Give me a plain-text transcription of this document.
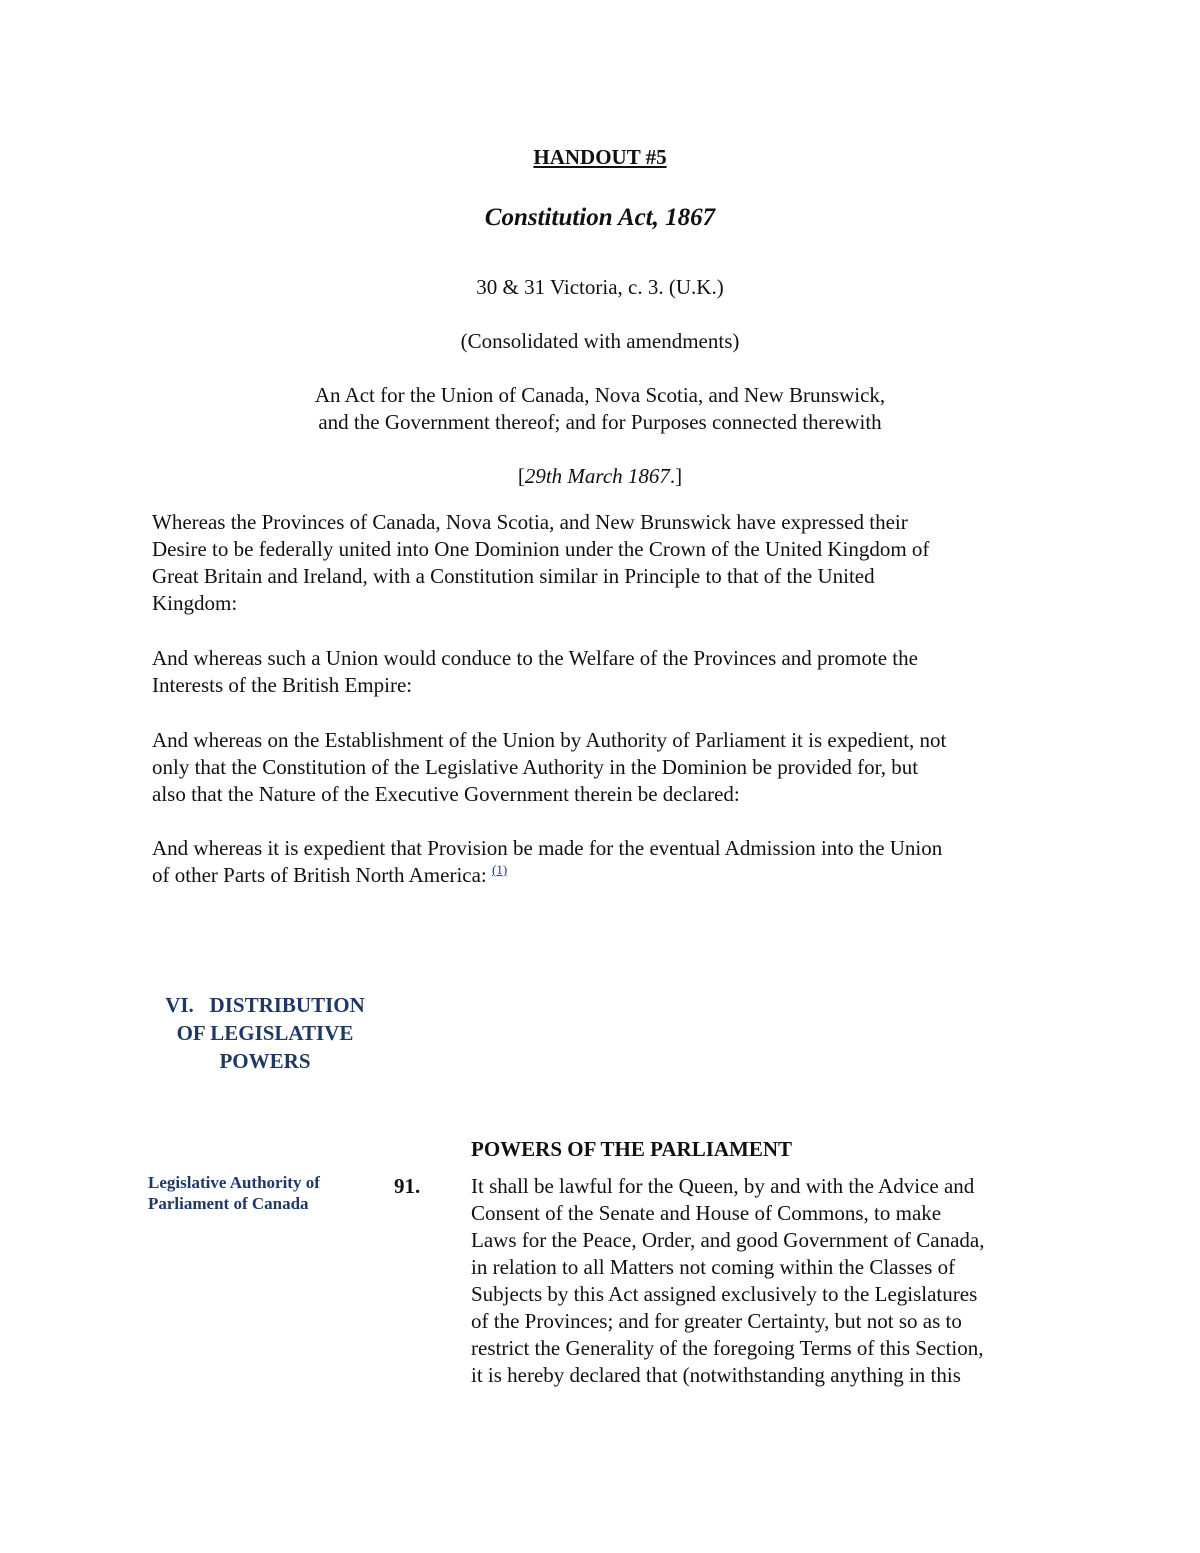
HANDOUT #5
Constitution Act, 1867
30 & 31 Victoria, c. 3. (U.K.)
(Consolidated with amendments)
An Act for the Union of Canada, Nova Scotia, and New Brunswick,
and the Government thereof; and for Purposes connected therewith
[29th March 1867.]
Whereas the Provinces of Canada, Nova Scotia, and New Brunswick have expressed their
Desire to be federally united into One Dominion under the Crown of the United Kingdom of
Great Britain and Ireland, with a Constitution similar in Principle to that of the United
Kingdom:
And whereas such a Union would conduce to the Welfare of the Provinces and promote the
Interests of the British Empire:
And whereas on the Establishment of the Union by Authority of Parliament it is expedient, not
only that the Constitution of the Legislative Authority in the Dominion be provided for, but
also that the Nature of the Executive Government therein be declared:
And whereas it is expedient that Provision be made for the eventual Admission into the Union
of other Parts of British North America: $^{(1)}$
VI.   DISTRIBUTION
OF LEGISLATIVE
POWERS
POWERS OF THE PARLIAMENT
Legislative Authority of
Parliament of Canada
91. It shall be lawful for the Queen, by and with the Advice and
Consent of the Senate and House of Commons, to make
Laws for the Peace, Order, and good Government of Canada,
in relation to all Matters not coming within the Classes of
Subjects by this Act assigned exclusively to the Legislatures
of the Provinces; and for greater Certainty, but not so as to
restrict the Generality of the foregoing Terms of this Section,
it is hereby declared that (notwithstanding anything in this
